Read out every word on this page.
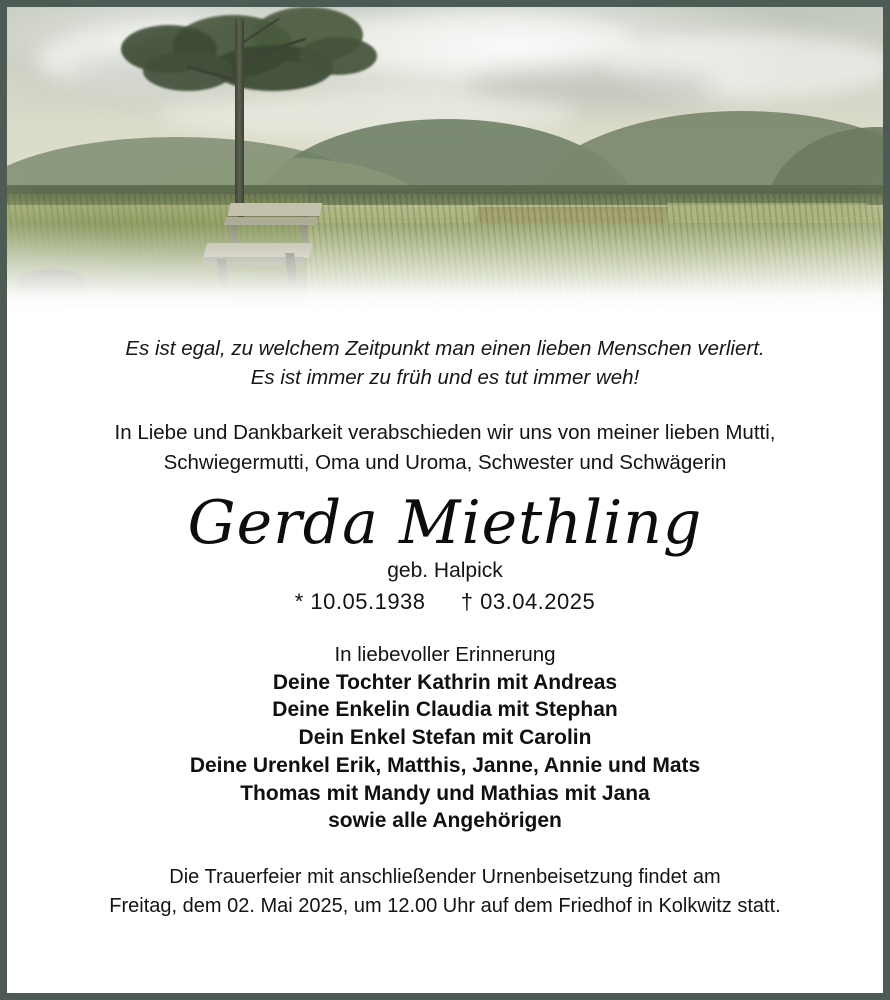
Es ist egal, zu welchem Zeitpunkt man einen lieben Menschen verliert.
Es ist immer zu früh und es tut immer weh!

In Liebe und Dankbarkeit verabschieden wir uns von meiner lieben Mutti,
Schwiegermutti, Oma und Uroma, Schwester und Schwägerin

Gerda Miethling
geb. Halpick
* 10.05.1938 † 03.04.2025
In liebevoller Erinnerung
Deine Tochter Kathrin mit Andreas
Deine Enkelin Claudia mit Stephan
Dein Enkel Stefan mit Carolin
Deine Urenkel Erik, Matthis, Janne, Annie und Mats
Thomas mit Mandy und Mathias mit Jana
sowie alle Angehörigen

Die Trauerfeier mit anschließender Urnenbeisetzung findet am
Freitag, dem 02. Mai 2025, um 12.00 Uhr auf dem Friedhof in Kolkwitz statt.
